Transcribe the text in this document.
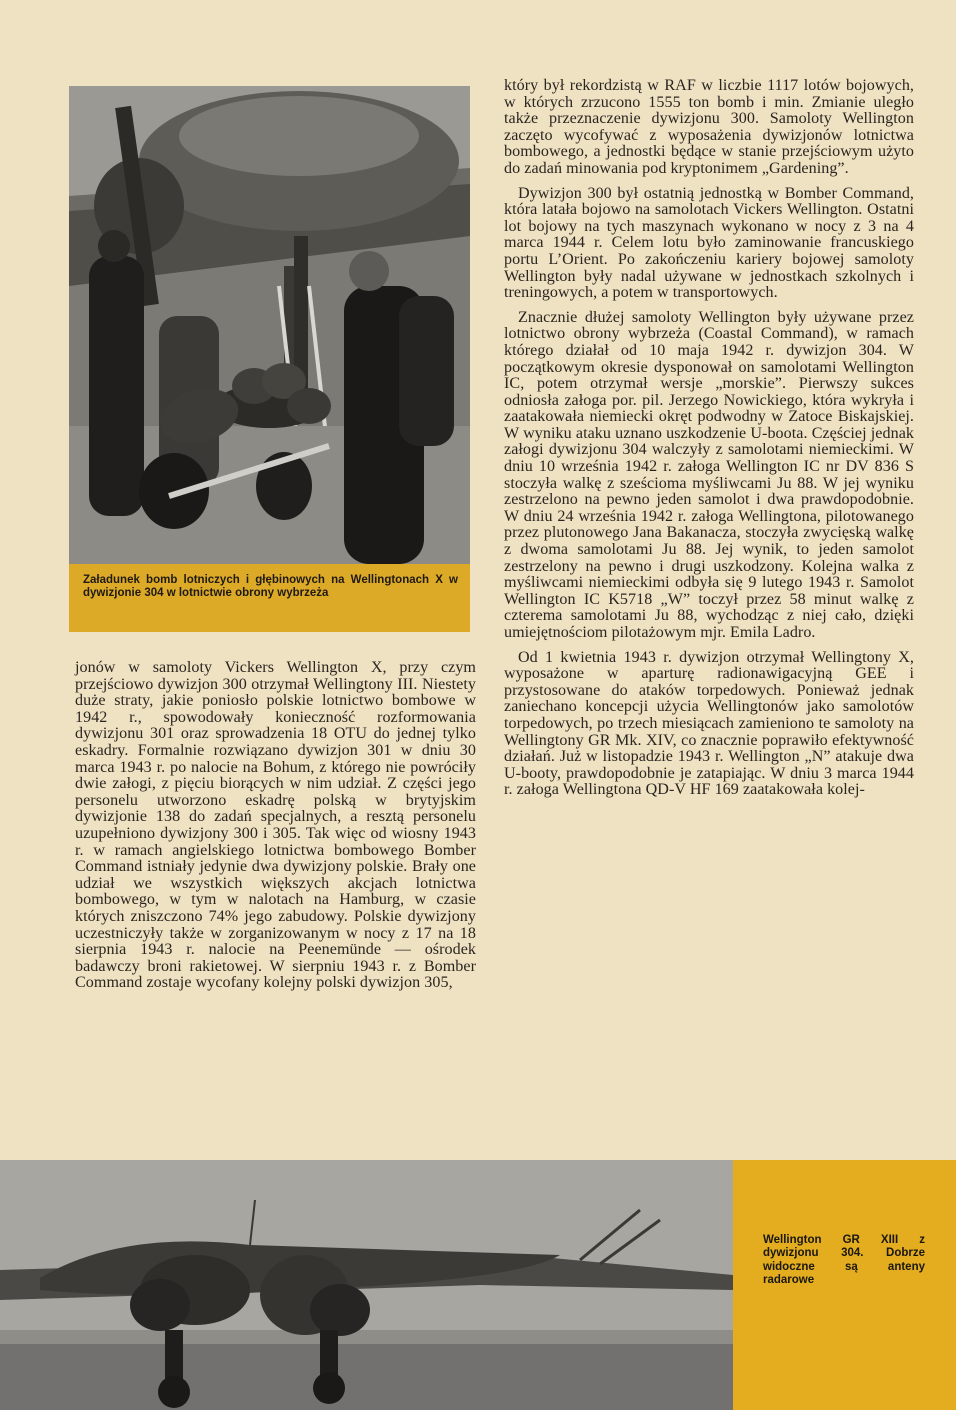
Załadunek bomb lotniczych i głębinowych na Wellingtonach X w dywizjonie 304 w lotnictwie obrony wybrzeża

który był rekordzistą w RAF w liczbie 1117 lotów bojowych, w których zrzucono 1555 ton bomb i min. Zmianie uległo także przeznaczenie dywizjonu 300. Samoloty Wellington zaczęto wycofywać z wyposażenia dywizjonów lotnictwa bombowego, a jednostki będące w stanie przejściowym użyto do zadań minowania pod kryptonimem „Gardening”.

Dywizjon 300 był ostatnią jednostką w Bomber Command, która latała bojowo na samolotach Vickers Wellington. Ostatni lot bojowy na tych maszynach wykonano w nocy z 3 na 4 marca 1944 r. Celem lotu było zaminowanie francuskiego portu L’Orient. Po zakończeniu kariery bojowej samoloty Wellington były nadal używane w jednostkach szkolnych i treningowych, a potem w transportowych.

Znacznie dłużej samoloty Wellington były używane przez lotnictwo obrony wybrzeża (Coastal Command), w ramach którego działał od 10 maja 1942 r. dywizjon 304. W początkowym okresie dysponował on samolotami Wellington IC, potem otrzymał wersje „morskie”. Pierwszy sukces odniosła załoga por. pil. Jerzego Nowickiego, która wykryła i zaatakowała niemiecki okręt podwodny w Zatoce Biskajskiej. W wyniku ataku uznano uszkodzenie U-boota. Częściej jednak załogi dywizjonu 304 walczyły z samolotami niemieckimi. W dniu 10 września 1942 r. załoga Wellington IC nr DV 836 S stoczyła walkę z sześcioma myśliwcami Ju 88. W jej wyniku zestrzelono na pewno jeden samolot i dwa prawdopodobnie. W dniu 24 września 1942 r. załoga Wellingtona, pilotowanego przez plutonowego Jana Bakanacza, stoczyła zwycięską walkę z dwoma samolotami Ju 88. Jej wynik, to jeden samolot zestrzelony na pewno i drugi uszkodzony. Kolejna walka z myśliwcami niemieckimi odbyła się 9 lutego 1943 r. Samolot Wellington IC K5718 „W” toczył przez 58 minut walkę z czterema samolotami Ju 88, wychodząc z niej cało, dzięki umiejętnościom pilotażowym mjr. Emila Ladro.

Od 1 kwietnia 1943 r. dywizjon otrzymał Wellingtony X, wyposażone w aparturę radionawigacyjną GEE i przystosowane do ataków torpedowych. Ponieważ jednak zaniechano koncepcji użycia Wellingtonów jako samolotów torpedowych, po trzech miesiącach zamieniono te samoloty na Wellingtony GR Mk. XIV, co znacznie poprawiło efektywność działań. Już w listopadzie 1943 r. Wellington „N” atakuje dwa U-booty, prawdopodobnie je zatapiając. W dniu 3 marca 1944 r. załoga Wellingtona QD-V HF 169 zaatakowała kolej-

jonów w samoloty Vickers Wellington X, przy czym przejściowo dywizjon 300 otrzymał Wellingtony III. Niestety duże straty, jakie poniosło polskie lotnictwo bombowe w 1942 r., spowodowały konieczność rozformowania dywizjonu 301 oraz sprowadzenia 18 OTU do jednej tylko eskadry. Formalnie rozwiązano dywizjon 301 w dniu 30 marca 1943 r. po nalocie na Bohum, z którego nie powróciły dwie załogi, z pięciu biorących w nim udział. Z części jego personelu utworzono eskadrę polską w brytyjskim dywizjonie 138 do zadań specjalnych, a resztą personelu uzupełniono dywizjony 300 i 305. Tak więc od wiosny 1943 r. w ramach angielskiego lotnictwa bombowego Bomber Command istniały jedynie dwa dywizjony polskie. Brały one udział we wszystkich większych akcjach lotnictwa bombowego, w tym w nalotach na Hamburg, w czasie których zniszczono 74% jego zabudowy. Polskie dywizjony uczestniczyły także w zorganizowanym w nocy z 17 na 18 sierpnia 1943 r. nalocie na Peenemünde — ośrodek badawczy broni rakietowej. W sierpniu 1943 r. z Bomber Command zostaje wycofany kolejny polski dywizjon 305,

Wellington GR XIII z dywizjonu 304. Dobrze widoczne są anteny radarowe
